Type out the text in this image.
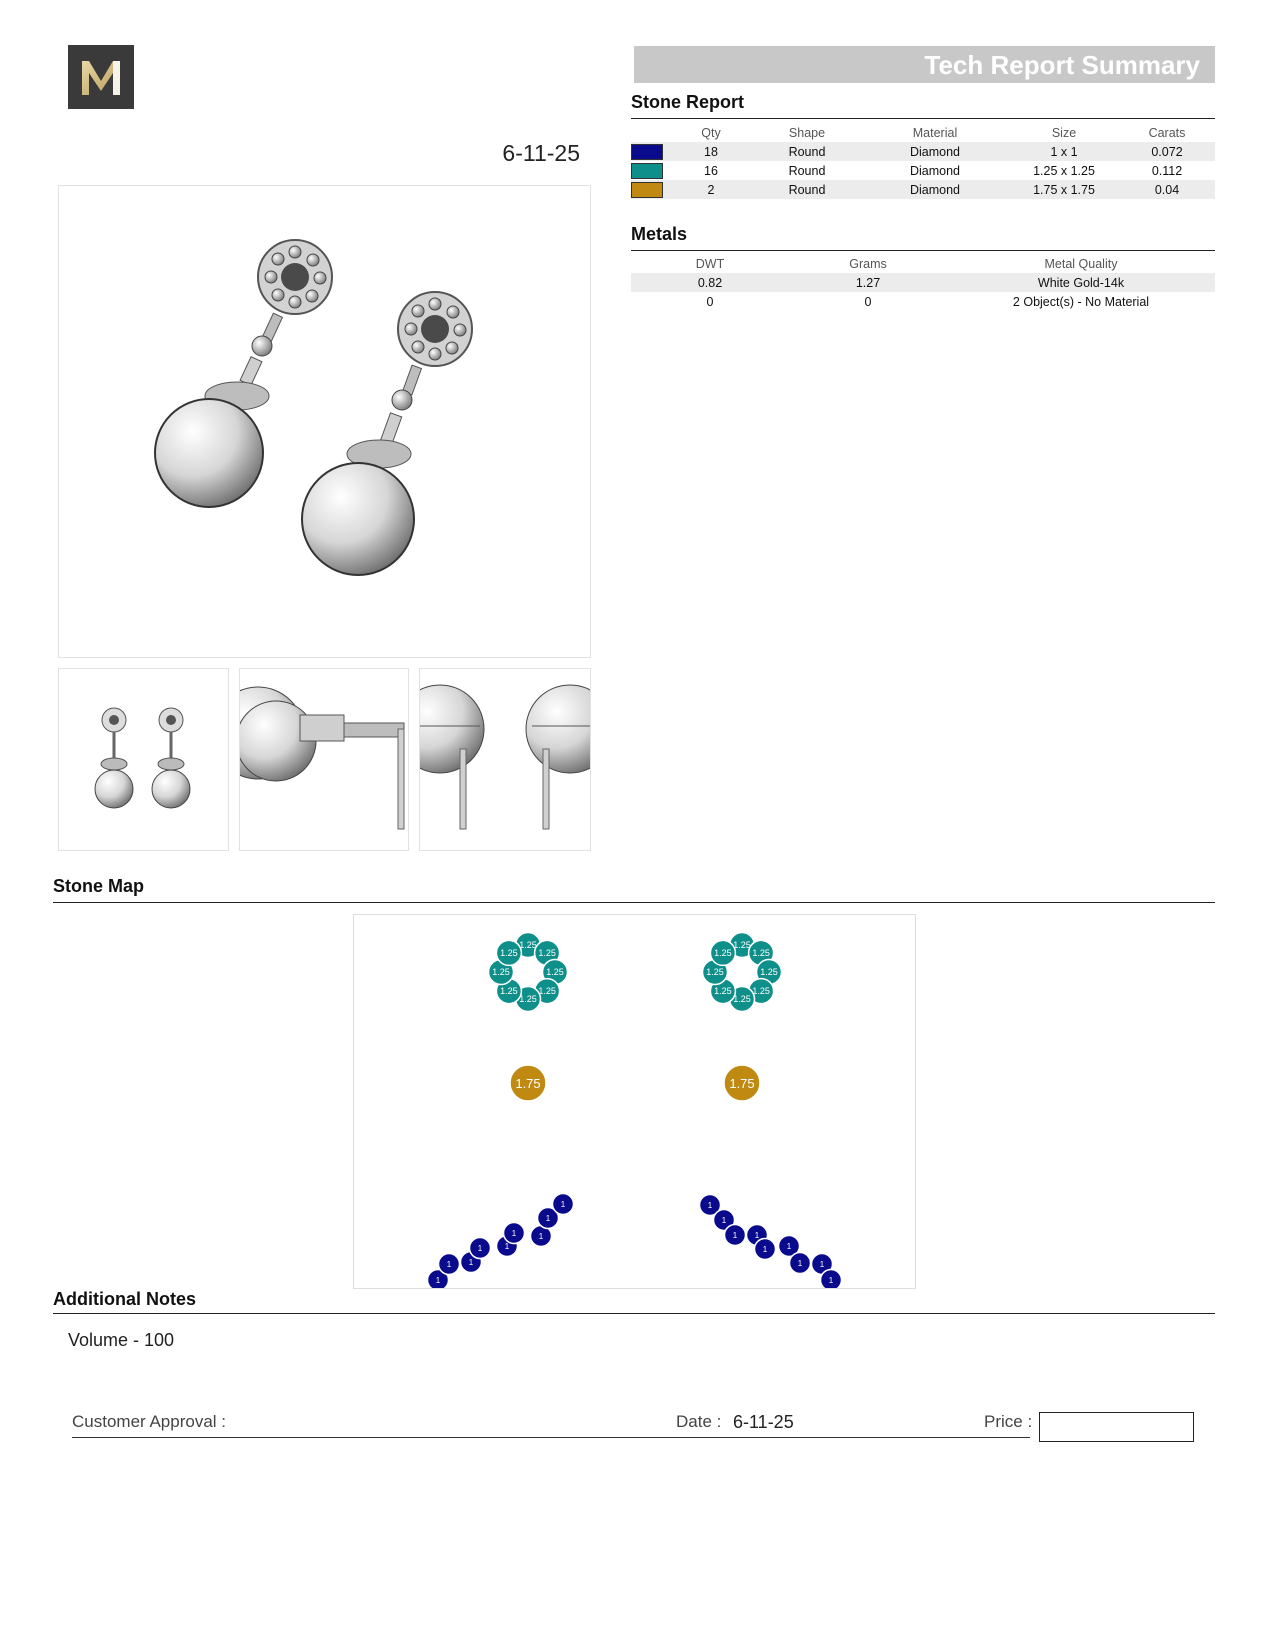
Tech Report Summary
6-11-25
Stone Report
	Qty	Shape	Material	Size	Carats
	18	Round	Diamond	1 x 1	0.072
	16	Round	Diamond	1.25 x 1.25	0.112
	2	Round	Diamond	1.75 x 1.75	0.04
Metals
DWT	Grams	Metal Quality
0.82	1.27	White Gold-14k
0	0	2 Object(s) - No Material
Stone Map
1.25
1.25
1.25
1.25
1.25
1.25
1.25
1.25
1.25
1.25
1.25
1.25
1.25
1.25
1.25
1.25
1.75	1.75
1
1 1
1	1
1	1
1
1	1
1
1 1
1 1
1 1
1
Additional Notes
Volume - 100
Customer Approval :	Date : 6-11-25	Price :
